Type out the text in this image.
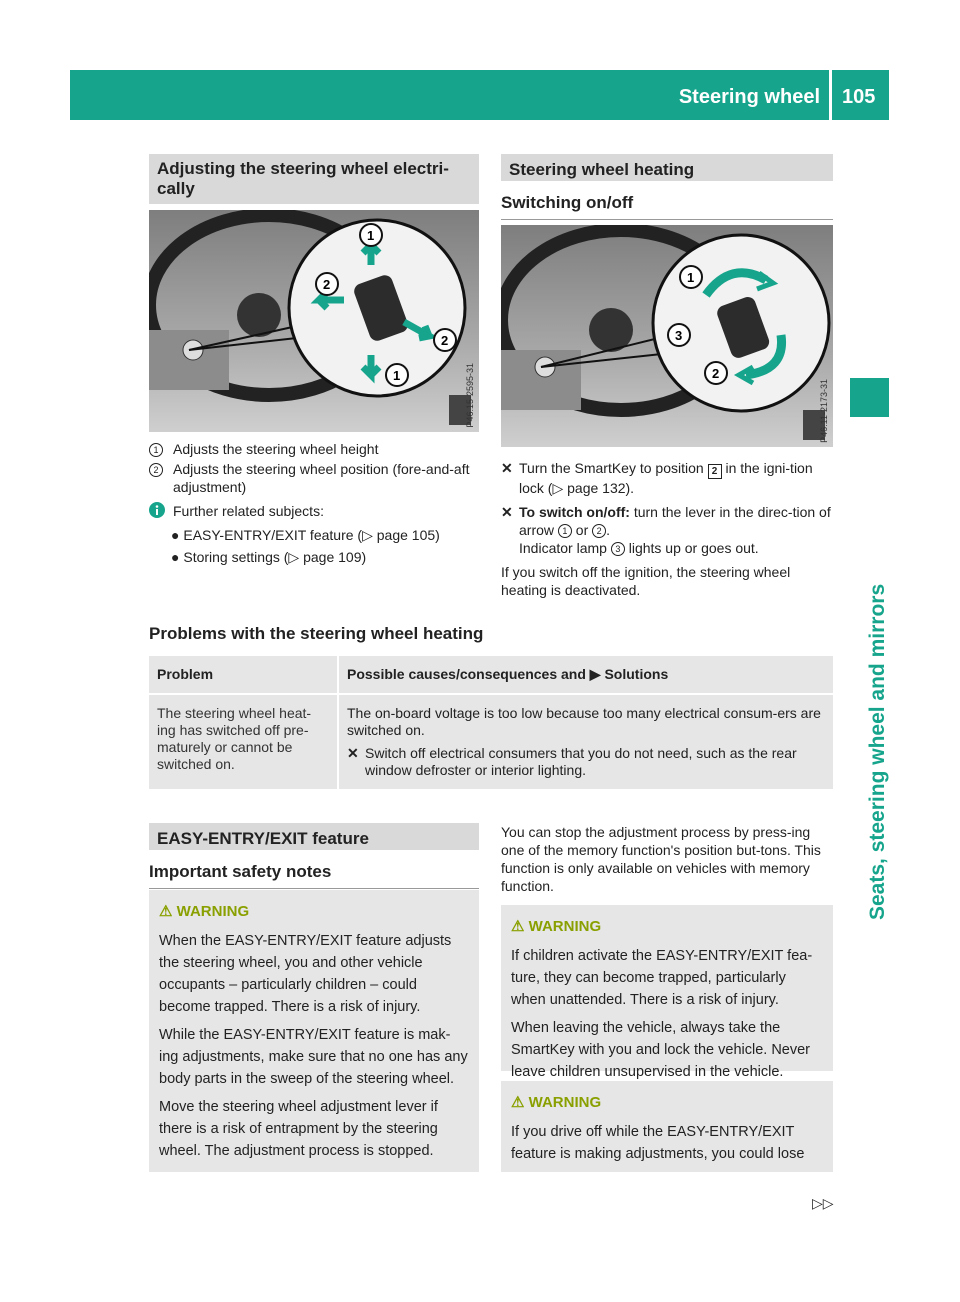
Steering wheel 105
Seats, steering wheel and mirrors
Adjusting the steering wheel electri-cally
1
2
2
1	P46.15-2595-31
1	Adjusts the steering wheel height
2	Adjusts the steering wheel position (fore-and-aft adjustment)
Further related subjects:
● EASY-ENTRY/EXIT feature (▷ page 105)
● Storing settings (▷ page 109)
Steering wheel heating
Switching on/off
1
3
2
P46.11-2173-31
✕ Turn the SmartKey to position 2 in the igni-tion lock (▷ page 132).
✕ To switch on/off: turn the lever in the direc-tion of arrow 1 or 2 .
Indicator lamp 3 lights up or goes out.
If you switch off the ignition, the steering wheel heating is deactivated.
Problems with the steering wheel heating
Problem	Possible causes/consequences and ▶ Solutions
The steering wheel heat-ing has switched off pre-maturely or cannot be switched on.	The on-board voltage is too low because too many electrical consum-ers are switched on.
✕ Switch off electrical consumers that you do not need, such as the rear window defroster or interior lighting.
EASY-ENTRY/EXIT feature
Important safety notes
⚠ WARNING

When the EASY-ENTRY/EXIT feature adjusts the steering wheel, you and other vehicle occupants – particularly children – could become trapped. There is a risk of injury.

While the EASY-ENTRY/EXIT feature is mak-ing adjustments, make sure that no one has any body parts in the sweep of the steering wheel.

Move the steering wheel adjustment lever if there is a risk of entrapment by the steering wheel. The adjustment process is stopped.

You can stop the adjustment process by press-ing one of the memory function's position but-tons. This function is only available on vehicles with memory function.
⚠ WARNING

If children activate the EASY-ENTRY/EXIT fea-ture, they can become trapped, particularly when unattended. There is a risk of injury.

When leaving the vehicle, always take the SmartKey with you and lock the vehicle. Never leave children unsupervised in the vehicle.

⚠ WARNING

If you drive off while the EASY-ENTRY/EXIT feature is making adjustments, you could lose

▷▷
